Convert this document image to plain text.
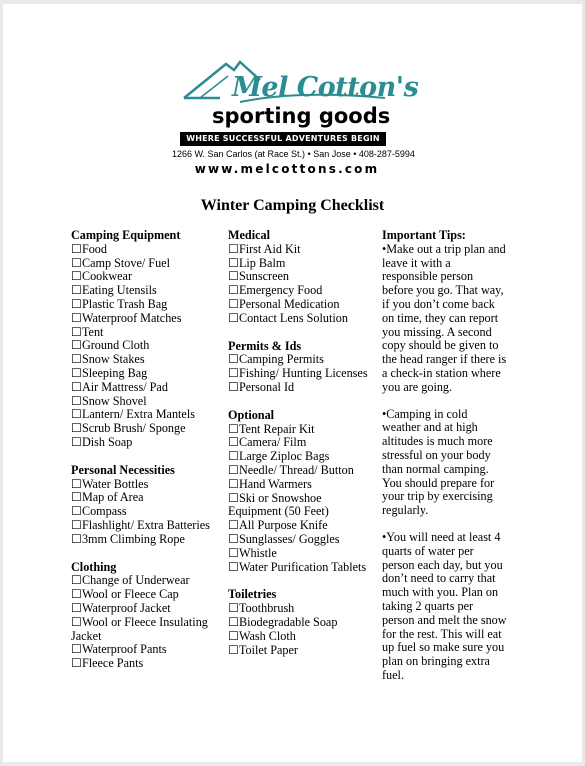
Mel Cotton's
sporting goods
WHERE SUCCESSFUL ADVENTURES BEGIN
1266 W. San Carlos (at Race St.) • San Jose • 408-287-5994
www.melcottons.com
Winter Camping Checklist
Camping Equipment
☐Food
☐Camp Stove/ Fuel
☐Cookwear
☐Eating Utensils
☐Plastic Trash Bag
☐Waterproof Matches
☐Tent
☐Ground Cloth
☐Snow Stakes
☐Sleeping Bag
☐Air Mattress/ Pad
☐Snow Shovel
☐Lantern/ Extra Mantels
☐Scrub Brush/ Sponge
☐Dish Soap
Personal Necessities
☐Water Bottles
☐Map of Area
☐Compass
☐Flashlight/ Extra Batteries
☐3mm Climbing Rope
Clothing
☐Change of Underwear
☐Wool or Fleece Cap
☐Waterproof Jacket
☐Wool or Fleece Insulating Jacket
☐Waterproof Pants
☐Fleece Pants
Medical
☐First Aid Kit
☐Lip Balm
☐Sunscreen
☐Emergency Food
☐Personal Medication
☐Contact Lens Solution
Permits & Ids
☐Camping Permits
☐Fishing/ Hunting Licenses
☐Personal Id
Optional
☐Tent Repair Kit
☐Camera/ Film
☐Large Ziploc Bags
☐Needle/ Thread/ Button
☐Hand Warmers
☐Ski or Snowshoe Equipment (50 Feet)
☐All Purpose Knife
☐Sunglasses/ Goggles
☐Whistle
☐Water Purification Tablets
Toiletries
☐Toothbrush
☐Biodegradable Soap
☐Wash Cloth
☐Toilet Paper
Important Tips:

•Make out a trip plan and leave it with a responsible person before you go. That way, if you don’t come back on time, they can report you missing. A second copy should be given to the head ranger if there is a check-in station where you are going.

•Camping in cold weather and at high altitudes is much more stressful on your body than normal camping. You should prepare for your trip by exercising regularly.

•You will need at least 4 quarts of water per person each day, but you don’t need to carry that much with you. Plan on taking 2 quarts per person and melt the snow for the rest. This will eat up fuel so make sure you plan on bringing extra fuel.
